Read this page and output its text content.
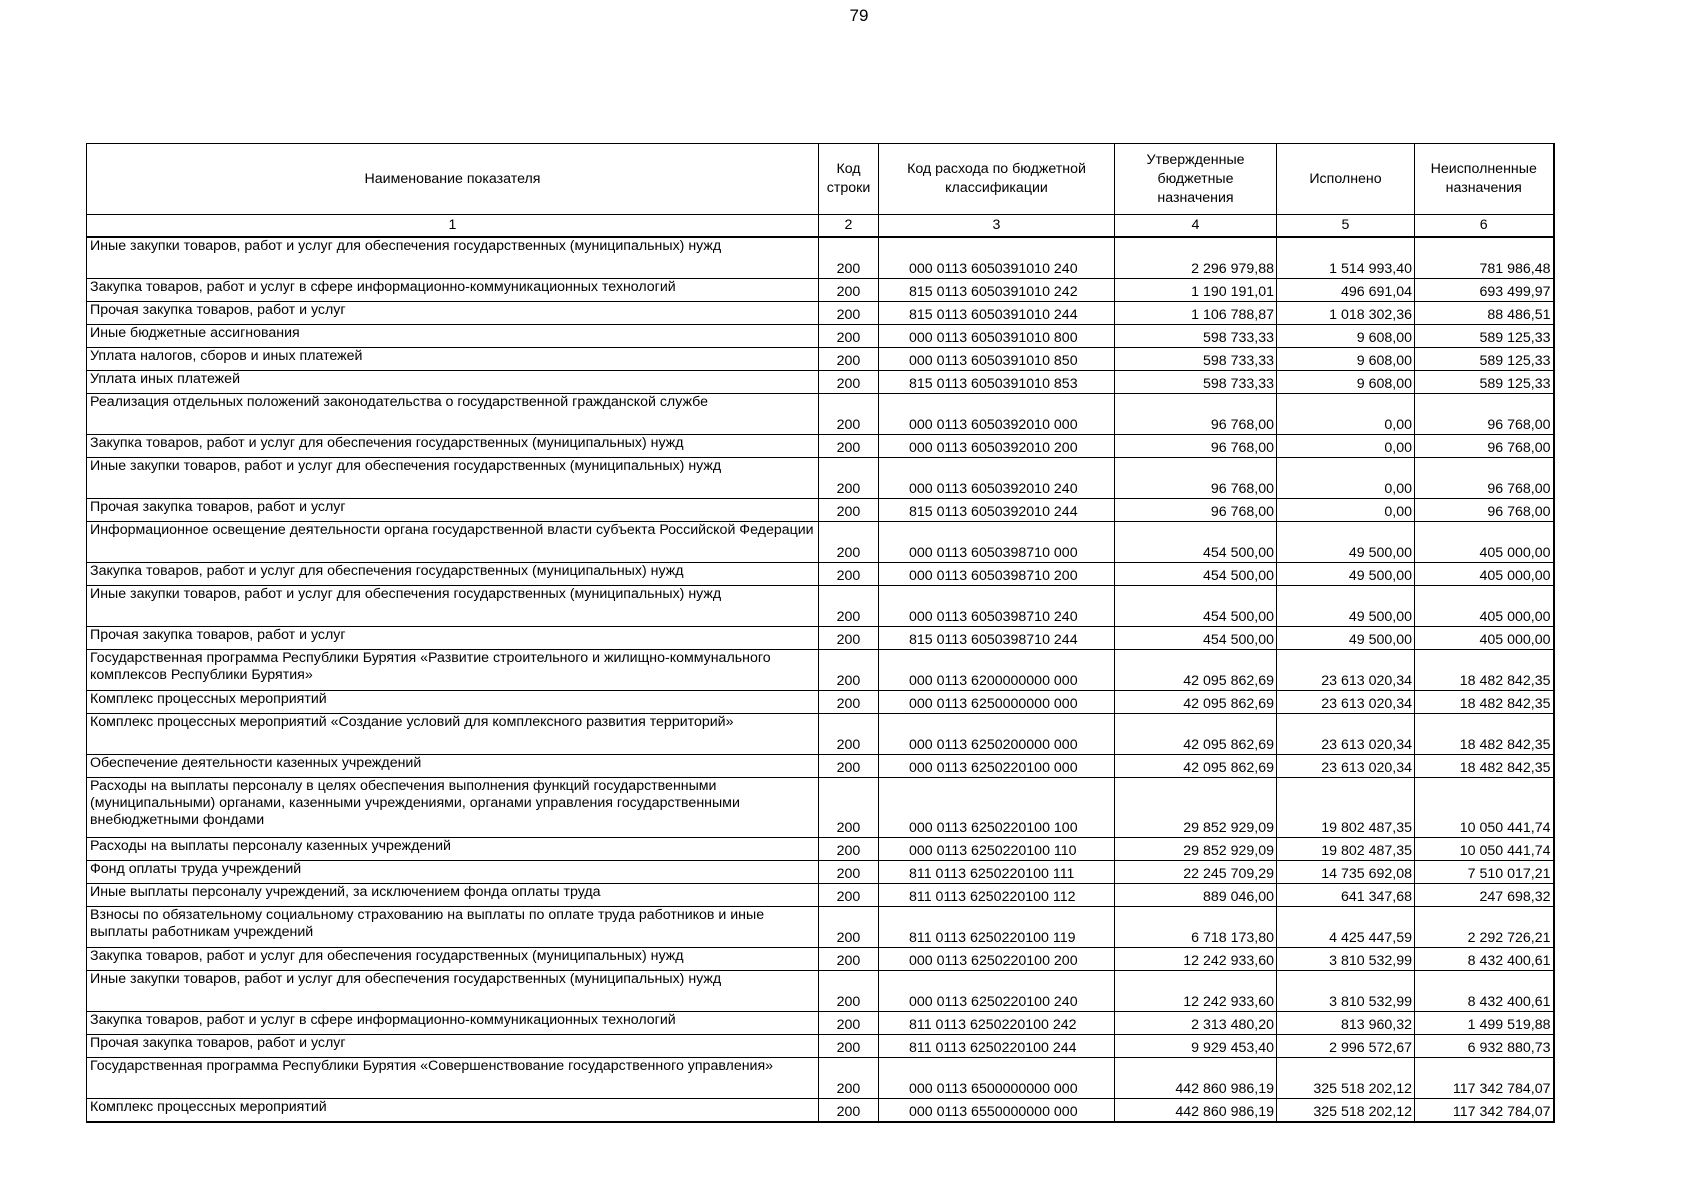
79
Наименование показателя	Код строки	Код расхода по бюджетной классификации	Утвержденные бюджетные назначения	Исполнено	Неисполненные назначения
1	2	3	4	5	6
Иные закупки товаров, работ и услуг для обеспечения государственных (муниципальных) нужд	200	000 0113 6050391010 240	2 296 979,88	1 514 993,40	781 986,48
Закупка товаров, работ и услуг в сфере информационно-коммуникационных технологий	200	815 0113 6050391010 242	1 190 191,01	496 691,04	693 499,97
Прочая закупка товаров, работ и услуг	200	815 0113 6050391010 244	1 106 788,87	1 018 302,36	88 486,51
Иные бюджетные ассигнования	200	000 0113 6050391010 800	598 733,33	9 608,00	589 125,33
Уплата налогов, сборов и иных платежей	200	000 0113 6050391010 850	598 733,33	9 608,00	589 125,33
Уплата иных платежей	200	815 0113 6050391010 853	598 733,33	9 608,00	589 125,33
Реализация отдельных положений законодательства о государственной гражданской службе	200	000 0113 6050392010 000	96 768,00	0,00	96 768,00
Закупка товаров, работ и услуг для обеспечения государственных (муниципальных) нужд	200	000 0113 6050392010 200	96 768,00	0,00	96 768,00
Иные закупки товаров, работ и услуг для обеспечения государственных (муниципальных) нужд	200	000 0113 6050392010 240	96 768,00	0,00	96 768,00
Прочая закупка товаров, работ и услуг	200	815 0113 6050392010 244	96 768,00	0,00	96 768,00
Информационное освещение деятельности органа государственной власти субъекта Российской Федерации	200	000 0113 6050398710 000	454 500,00	49 500,00	405 000,00
Закупка товаров, работ и услуг для обеспечения государственных (муниципальных) нужд	200	000 0113 6050398710 200	454 500,00	49 500,00	405 000,00
Иные закупки товаров, работ и услуг для обеспечения государственных (муниципальных) нужд	200	000 0113 6050398710 240	454 500,00	49 500,00	405 000,00
Прочая закупка товаров, работ и услуг	200	815 0113 6050398710 244	454 500,00	49 500,00	405 000,00
Государственная программа Республики Бурятия «Развитие строительного и жилищно-коммунального комплексов Республики Бурятия»	200	000 0113 6200000000 000	42 095 862,69	23 613 020,34	18 482 842,35
Комплекс процессных мероприятий	200	000 0113 6250000000 000	42 095 862,69	23 613 020,34	18 482 842,35
Комплекс процессных мероприятий «Создание условий для комплексного развития территорий»	200	000 0113 6250200000 000	42 095 862,69	23 613 020,34	18 482 842,35
Обеспечение деятельности казенных учреждений	200	000 0113 6250220100 000	42 095 862,69	23 613 020,34	18 482 842,35
Расходы на выплаты персоналу в целях обеспечения выполнения функций государственными (муниципальными) органами, казенными учреждениями, органами управления государственными внебюджетными фондами	200	000 0113 6250220100 100	29 852 929,09	19 802 487,35	10 050 441,74
Расходы на выплаты персоналу казенных учреждений	200	000 0113 6250220100 110	29 852 929,09	19 802 487,35	10 050 441,74
Фонд оплаты труда учреждений	200	811 0113 6250220100 111	22 245 709,29	14 735 692,08	7 510 017,21
Иные выплаты персоналу учреждений, за исключением фонда оплаты труда	200	811 0113 6250220100 112	889 046,00	641 347,68	247 698,32
Взносы по обязательному социальному страхованию на выплаты по оплате труда работников и иные выплаты работникам учреждений	200	811 0113 6250220100 119	6 718 173,80	4 425 447,59	2 292 726,21
Закупка товаров, работ и услуг для обеспечения государственных (муниципальных) нужд	200	000 0113 6250220100 200	12 242 933,60	3 810 532,99	8 432 400,61
Иные закупки товаров, работ и услуг для обеспечения государственных (муниципальных) нужд	200	000 0113 6250220100 240	12 242 933,60	3 810 532,99	8 432 400,61
Закупка товаров, работ и услуг в сфере информационно-коммуникационных технологий	200	811 0113 6250220100 242	2 313 480,20	813 960,32	1 499 519,88
Прочая закупка товаров, работ и услуг	200	811 0113 6250220100 244	9 929 453,40	2 996 572,67	6 932 880,73
Государственная программа Республики Бурятия «Совершенствование государственного управления»	200	000 0113 6500000000 000	442 860 986,19	325 518 202,12	117 342 784,07
Комплекс процессных мероприятий	200	000 0113 6550000000 000	442 860 986,19	325 518 202,12	117 342 784,07
